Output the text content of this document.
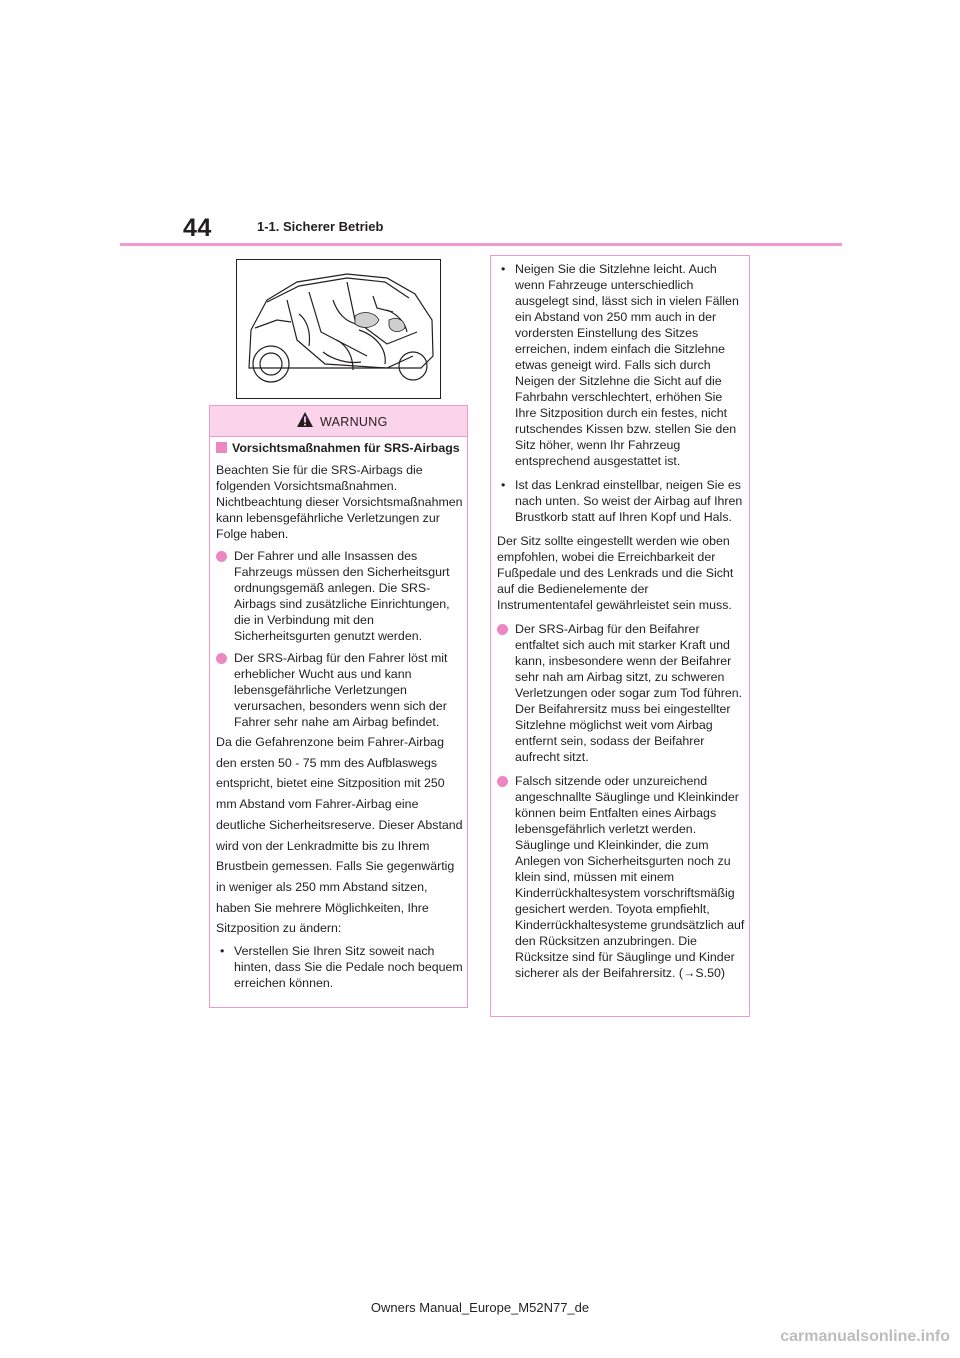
44	1-1. Sicherer Betrieb
WARNUNG
Vorsichtsmaßnahmen für SRS-Airbags

Beachten Sie für die SRS-Airbags die folgenden Vorsichtsmaßnahmen. Nichtbeachtung dieser Vorsichtsmaßnahmen kann lebensgefährliche Verletzungen zur Folge haben.

Der Fahrer und alle Insassen des Fahrzeugs müssen den Sicherheitsgurt ordnungsgemäß anlegen. Die SRS-Airbags sind zusätzliche Einrichtungen, die in Verbindung mit den Sicherheitsgurten genutzt werden.
Der SRS-Airbag für den Fahrer löst mit erheblicher Wucht aus und kann lebensgefährliche Verletzungen verursachen, besonders wenn sich der Fahrer sehr nahe am Airbag befindet.

Da die Gefahrenzone beim Fahrer-Airbag den ersten 50 - 75 mm des Aufblaswegs entspricht, bietet eine Sitzposition mit 250 mm Abstand vom Fahrer-Airbag eine deutliche Sicherheitsreserve. Dieser Abstand wird von der Lenkradmitte bis zu Ihrem Brustbein gemessen. Falls Sie gegenwärtig in weniger als 250 mm Abstand sitzen, haben Sie mehrere Möglichkeiten, Ihre Sitzposition zu ändern:

• Verstellen Sie Ihren Sitz soweit nach hinten, dass Sie die Pedale noch bequem erreichen können.
• Neigen Sie die Sitzlehne leicht. Auch wenn Fahrzeuge unterschiedlich ausgelegt sind, lässt sich in vielen Fällen ein Abstand von 250 mm auch in der vordersten Einstellung des Sitzes erreichen, indem einfach die Sitzlehne etwas geneigt wird. Falls sich durch Neigen der Sitzlehne die Sicht auf die Fahrbahn verschlechtert, erhöhen Sie Ihre Sitzposition durch ein festes, nicht rutschendes Kissen bzw. stellen Sie den Sitz höher, wenn Ihr Fahrzeug entsprechend ausgestattet ist.
• Ist das Lenkrad einstellbar, neigen Sie es nach unten. So weist der Airbag auf Ihren Brustkorb statt auf Ihren Kopf und Hals.

Der Sitz sollte eingestellt werden wie oben empfohlen, wobei die Erreichbarkeit der Fußpedale und des Lenkrads und die Sicht auf die Bedienelemente der Instrumententafel gewährleistet sein muss.

Der SRS-Airbag für den Beifahrer entfaltet sich auch mit starker Kraft und kann, insbesondere wenn der Beifahrer sehr nah am Airbag sitzt, zu schweren Verletzungen oder sogar zum Tod führen. Der Beifahrersitz muss bei eingestellter Sitzlehne möglichst weit vom Airbag entfernt sein, sodass der Beifahrer aufrecht sitzt.
Falsch sitzende oder unzureichend angeschnallte Säuglinge und Kleinkinder können beim Entfalten eines Airbags lebensgefährlich verletzt werden. Säuglinge und Kleinkinder, die zum Anlegen von Sicherheitsgurten noch zu klein sind, müssen mit einem Kinderrückhaltesystem vorschriftsmäßig gesichert werden. Toyota empfiehlt, Kinderrückhaltesysteme grundsätzlich auf den Rücksitzen anzubringen. Die Rücksitze sind für Säuglinge und Kinder sicherer als der Beifahrersitz. (→S.50)
Owners Manual_Europe_M52N77_de
carmanualsonline.info
